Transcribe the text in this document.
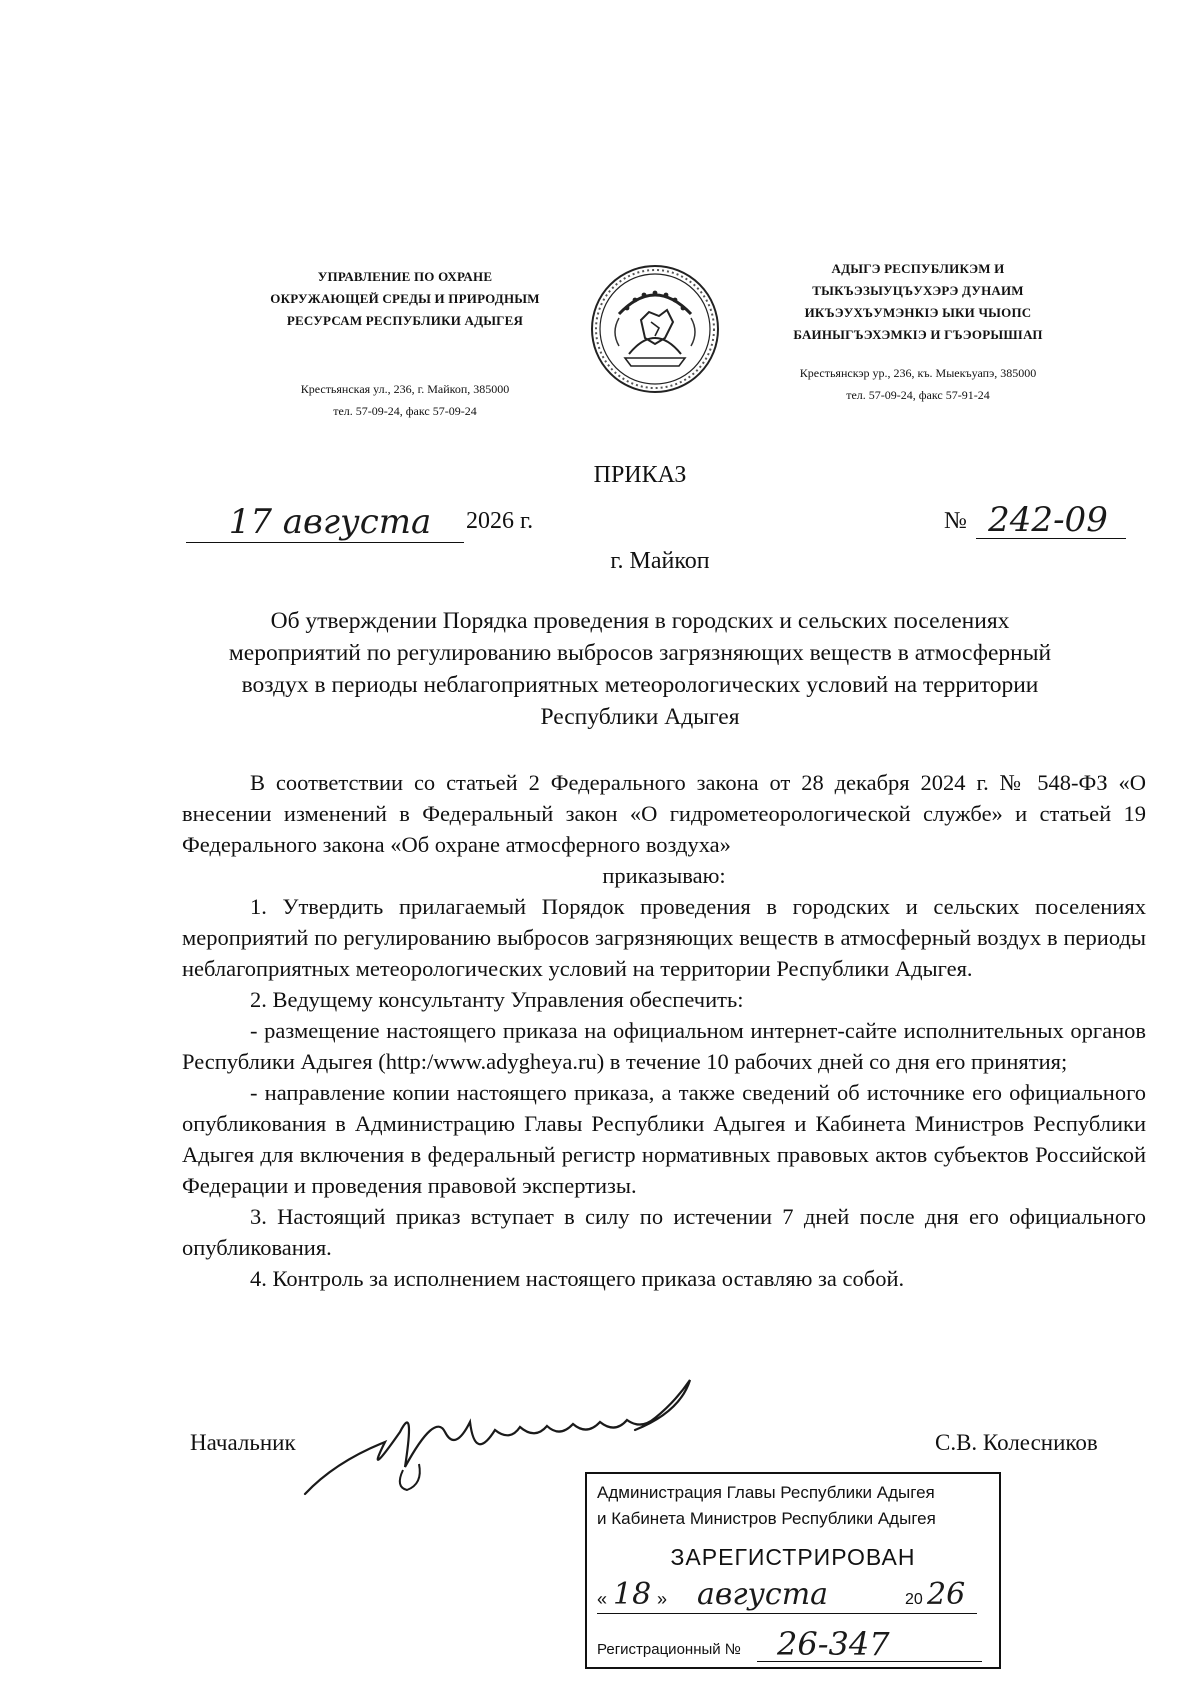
УПРАВЛЕНИЕ ПО ОХРАНЕ
ОКРУЖАЮЩЕЙ СРЕДЫ И ПРИРОДНЫМ
РЕСУРСАМ РЕСПУБЛИКИ АДЫГЕЯ
Крестьянская ул., 236, г. Майкоп, 385000
тел. 57-09-24, факс 57-09-24
АДЫГЭ РЕСПУБЛИКЭМ И
ТЫКЪЭЗЫУЦЪУХЭРЭ ДУНАИМ
ИКЪЭУХЪУМЭНКІЭ ЫКИ ЧЫОПС
БАИНЫГЪЭХЭМКІЭ И ГЪЭОРЫШІАП
Крестьянскэр ур., 236, къ. Мыекъуапэ, 385000
тел. 57-09-24, факс 57-91-24
ПРИКАЗ
17 августа	2026 г.	№ 242-09
г. Майкоп
Об утверждении Порядка проведения в городских и сельских поселениях
мероприятий по регулированию выбросов загрязняющих веществ в атмосферный
воздух в периоды неблагоприятных метеорологических условий на территории
Республики Адыгея
В соответствии со статьей 2 Федерального закона от 28 декабря 2024 г. № 548-ФЗ «О внесении изменений в Федеральный закон «О гидрометеорологической службе» и статьей 19 Федерального закона «Об охране атмосферного воздуха»
приказываю:
1. Утвердить прилагаемый Порядок проведения в городских и сельских поселениях мероприятий по регулированию выбросов загрязняющих веществ в атмосферный воздух в периоды неблагоприятных метеорологических условий на территории Республики Адыгея.
2. Ведущему консультанту Управления обеспечить:
- размещение настоящего приказа на официальном интернет-сайте исполнительных органов Республики Адыгея (http:/www.adygheya.ru) в течение 10 рабочих дней со дня его принятия;
- направление копии настоящего приказа, а также сведений об источнике его официального опубликования в Администрацию Главы Республики Адыгея и Кабинета Министров Республики Адыгея для включения в федеральный регистр нормативных правовых актов субъектов Российской Федерации и проведения правовой экспертизы.
3. Настоящий приказ вступает в силу по истечении 7 дней после дня его официального опубликования.
4. Контроль за исполнением настоящего приказа оставляю за собой.
Начальник	С.В. Колесников
Администрация Главы Республики Адыгея
и Кабинета Министров Республики Адыгея
ЗАРЕГИСТРИРОВАН
« 18 » августа	20 26
Регистрационный № 26-347
